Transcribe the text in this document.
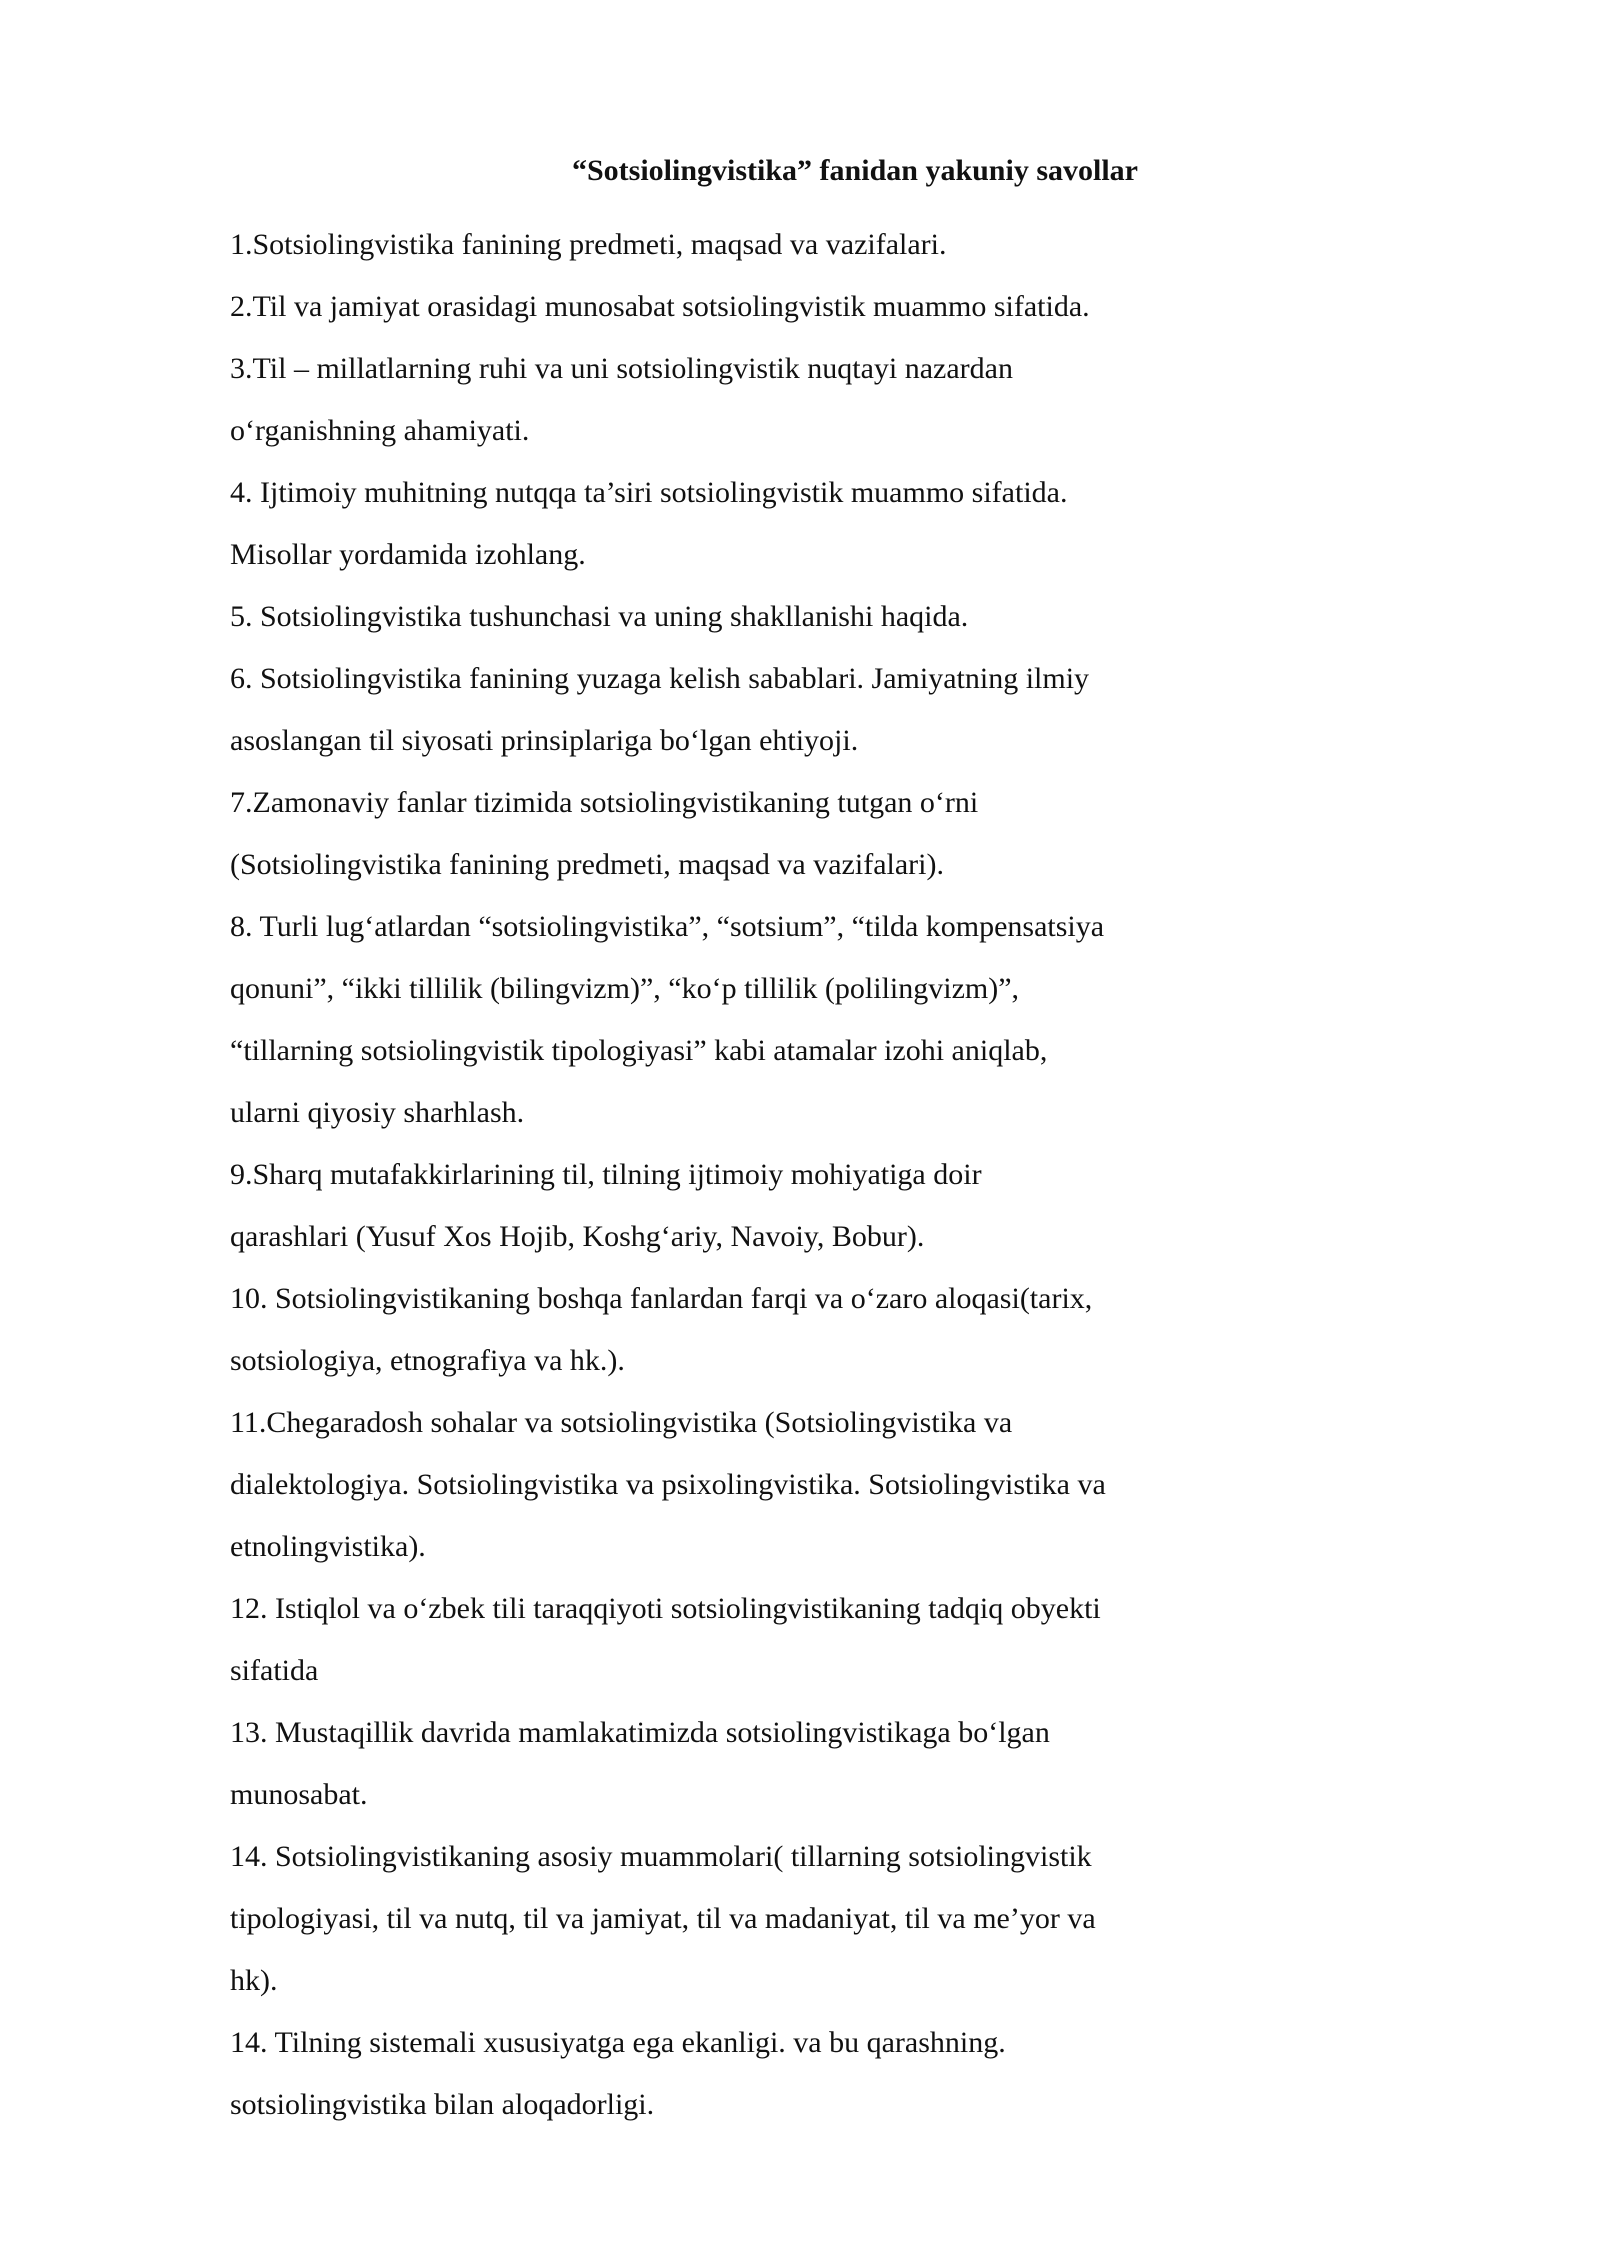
“Sotsiolingvistika” fanidan yakuniy savollar
1.Sotsiolingvistika fanining predmeti, maqsad va vazifalari.
2.Til va jamiyat orasidagi munosabat sotsiolingvistik muammo sifatida.
3.Til – millatlarning ruhi va uni sotsiolingvistik nuqtayi nazardan
o‘rganishning ahamiyati.
4. Ijtimoiy muhitning nutqqa ta’siri sotsiolingvistik muammo sifatida.
Misollar yordamida izohlang.
5. Sotsiolingvistika tushunchasi va uning shakllanishi haqida.
6. Sotsiolingvistika fanining yuzaga kelish sabablari. Jamiyatning ilmiy
asoslangan til siyosati prinsiplariga bo‘lgan ehtiyoji.
7.Zamonaviy fanlar tizimida sotsiolingvistikaning tutgan o‘rni
(Sotsiolingvistika fanining predmeti, maqsad va vazifalari).
8. Turli lug‘atlardan “sotsiolingvistika”, “sotsium”, “tilda kompensatsiya
qonuni”, “ikki tillilik (bilingvizm)”, “ko‘p tillilik (polilingvizm)”,
“tillarning sotsiolingvistik tipologiyasi” kabi atamalar izohi aniqlab,
ularni qiyosiy sharhlash.
9.Sharq mutafakkirlarining til, tilning ijtimoiy mohiyatiga doir
qarashlari (Yusuf Xos Hojib, Koshg‘ariy, Navoiy, Bobur).
10. Sotsiolingvistikaning boshqa fanlardan farqi va o‘zaro aloqasi(tarix,
sotsiologiya, etnografiya va hk.).
11.Chegaradosh sohalar va sotsiolingvistika (Sotsiolingvistika va
dialektologiya. Sotsiolingvistika va psixolingvistika. Sotsiolingvistika va
etnolingvistika).
12. Istiqlol va o‘zbek tili taraqqiyoti sotsiolingvistikaning tadqiq obyekti
sifatida
13. Mustaqillik davrida mamlakatimizda sotsiolingvistikaga bo‘lgan
munosabat.
14. Sotsiolingvistikaning asosiy muammolari( tillarning sotsiolingvistik
tipologiyasi, til va nutq, til va jamiyat, til va madaniyat, til va me’yor va
hk).
14. Tilning sistemali xususiyatga ega ekanligi. va bu qarashning.
sotsiolingvistika bilan aloqadorligi.
